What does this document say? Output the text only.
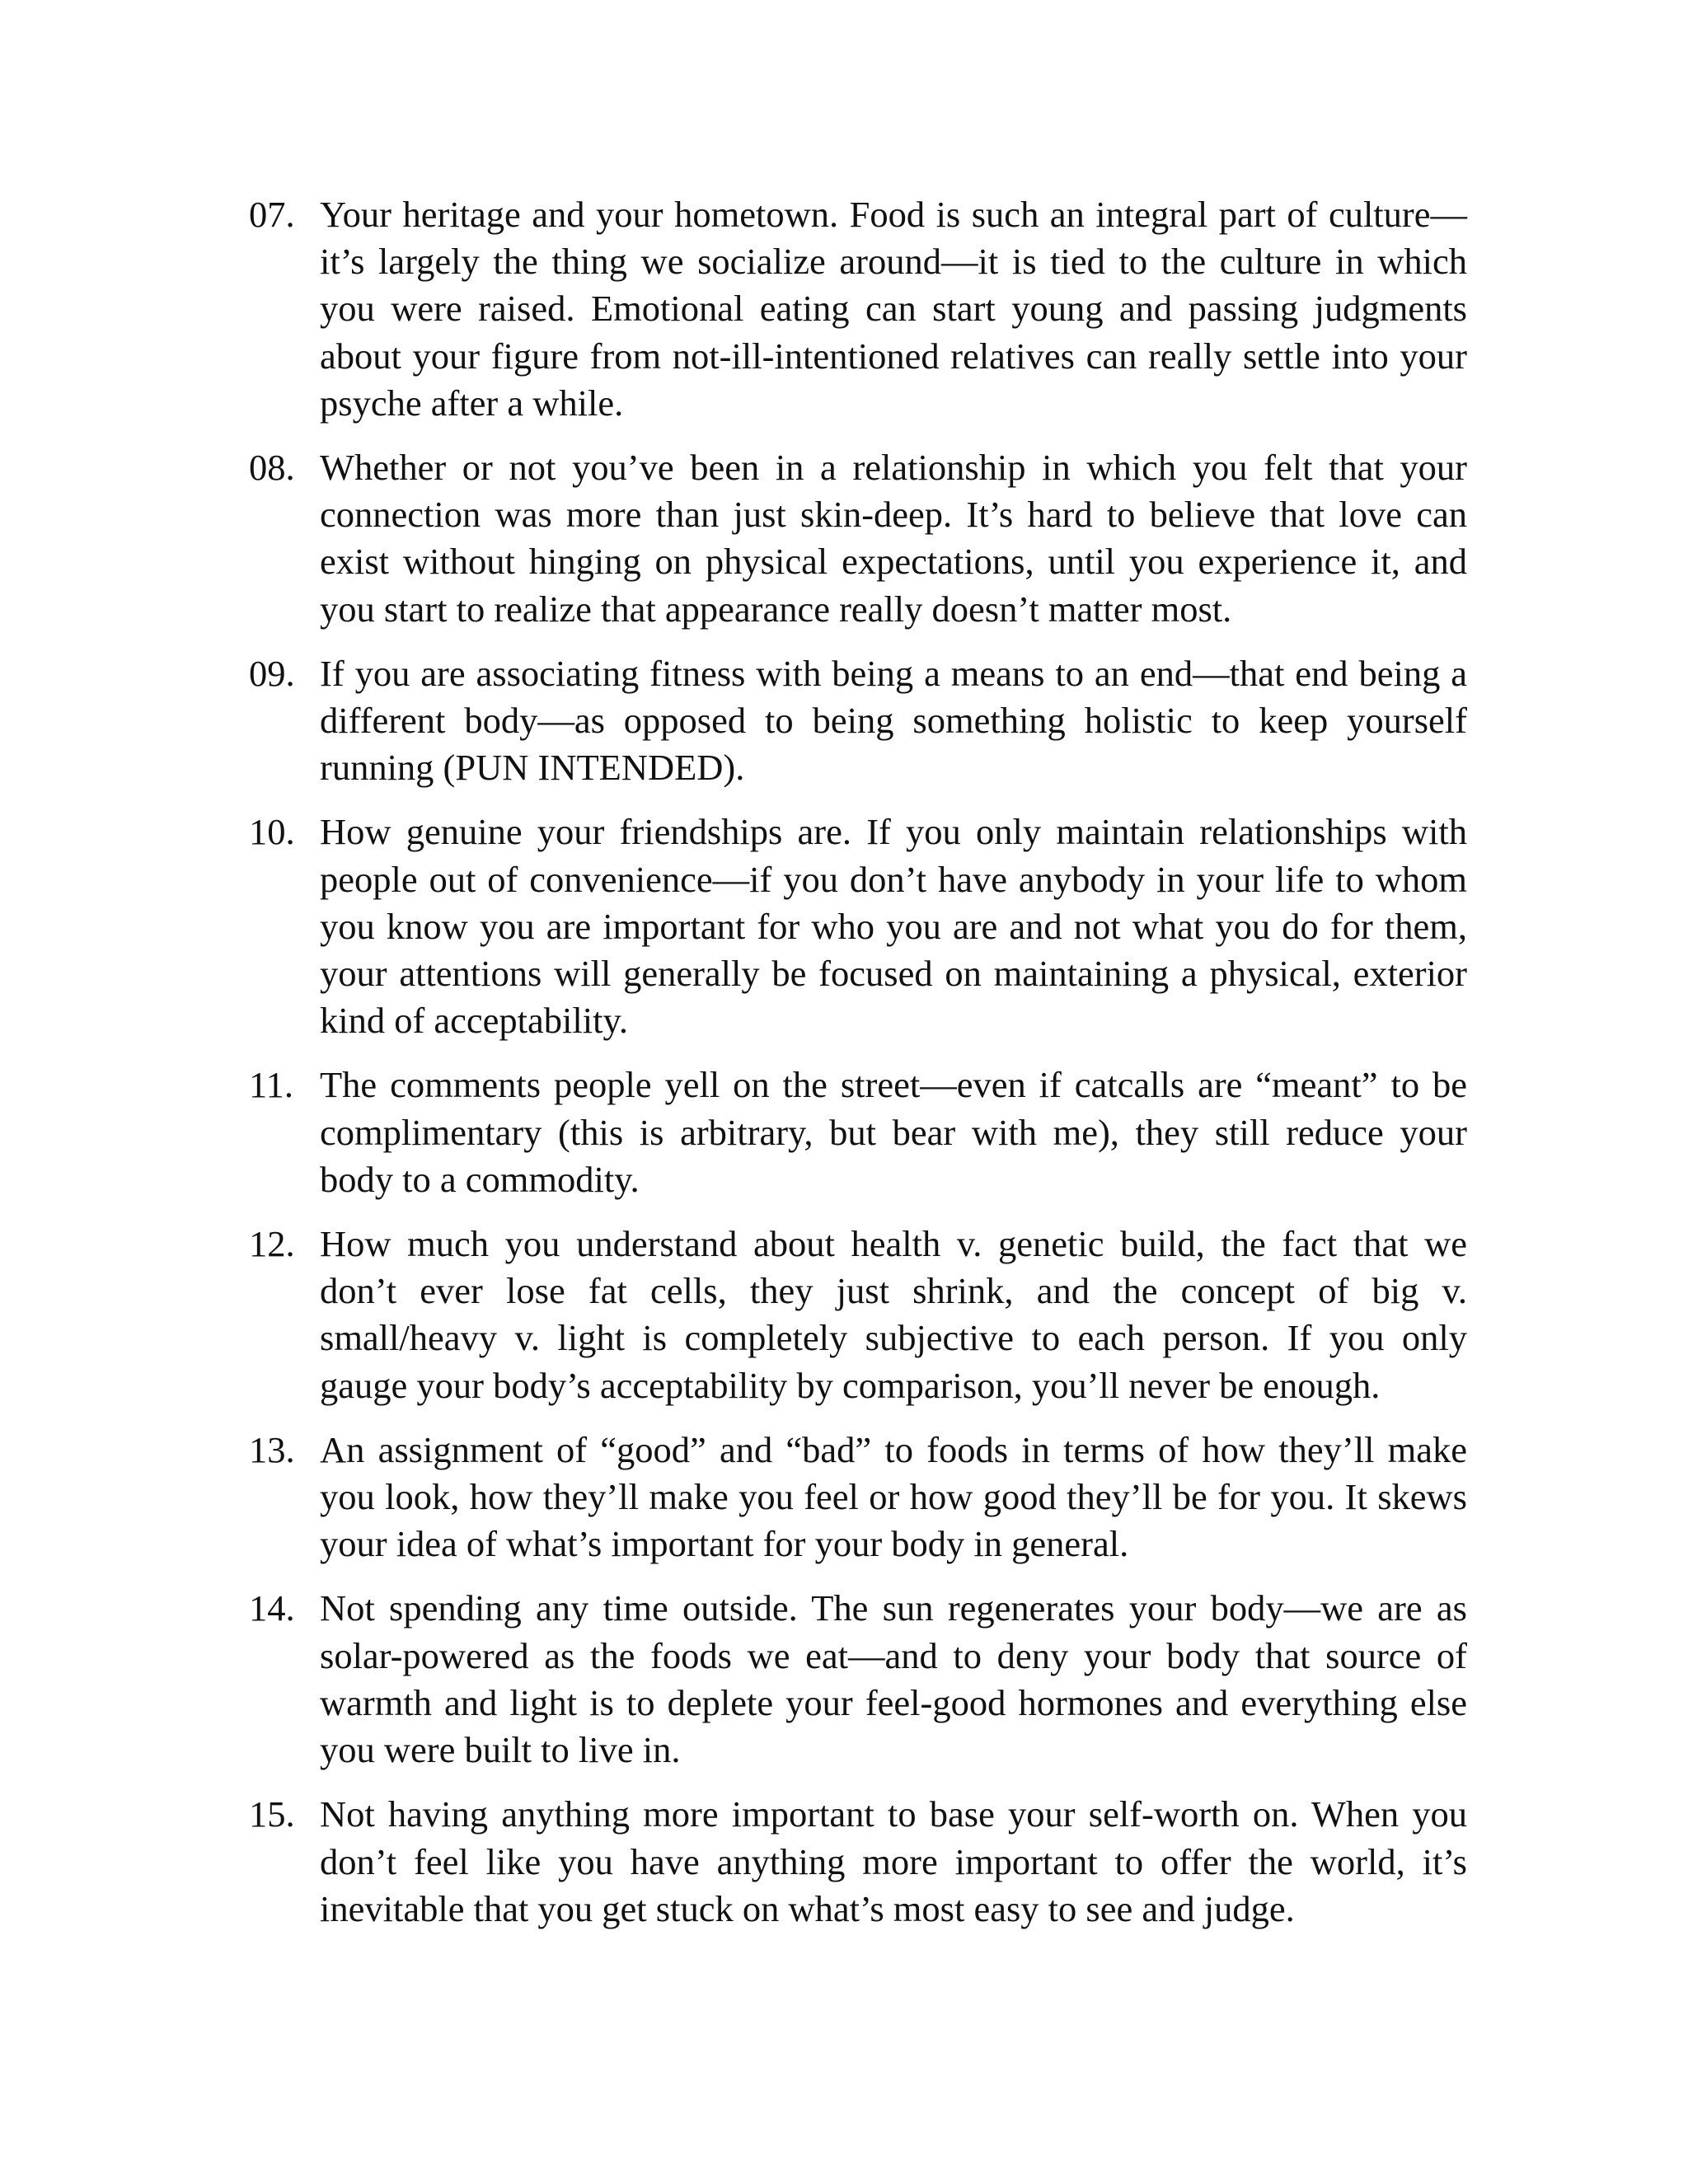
07. Your heritage and your hometown. Food is such an integral part of culture—it’s largely the thing we socialize around—it is tied to the culture in which you were raised. Emotional eating can start young and passing judgments about your figure from not-ill-intentioned relatives can really settle into your psyche after a while.
08. Whether or not you’ve been in a relationship in which you felt that your connection was more than just skin-deep. It’s hard to believe that love can exist without hinging on physical expectations, until you experience it, and you start to realize that appearance really doesn’t matter most.
09. If you are associating fitness with being a means to an end—that end being a different body—as opposed to being something holistic to keep yourself running (PUN INTENDED).
10. How genuine your friendships are. If you only maintain relationships with people out of convenience—if you don’t have anybody in your life to whom you know you are important for who you are and not what you do for them, your attentions will generally be focused on maintaining a physical, exterior kind of acceptability.
11. The comments people yell on the street—even if catcalls are “meant” to be complimentary (this is arbitrary, but bear with me), they still reduce your body to a commodity.
12. How much you understand about health v. genetic build, the fact that we don’t ever lose fat cells, they just shrink, and the concept of big v. small/heavy v. light is completely subjective to each person. If you only gauge your body’s acceptability by comparison, you’ll never be enough.
13. An assignment of “good” and “bad” to foods in terms of how they’ll make you look, how they’ll make you feel or how good they’ll be for you. It skews your idea of what’s important for your body in general.
14. Not spending any time outside. The sun regenerates your body—we are as solar-powered as the foods we eat—and to deny your body that source of warmth and light is to deplete your feel-good hormones and everything else you were built to live in.
15. Not having anything more important to base your self-worth on. When you don’t feel like you have anything more important to offer the world, it’s inevitable that you get stuck on what’s most easy to see and judge.
